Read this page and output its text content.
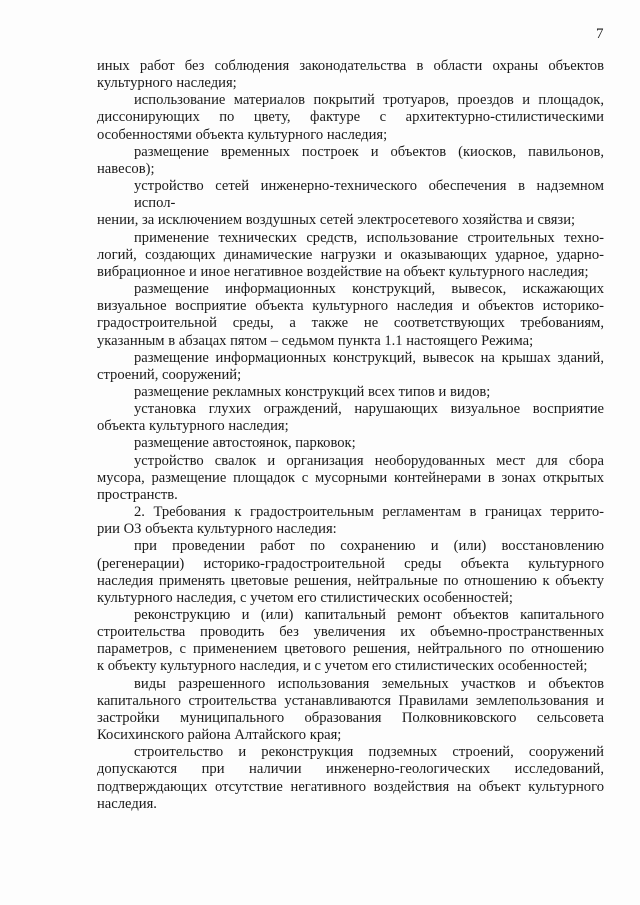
7

иных работ без соблюдения законодательства в области охраны объектов
культурного наследия;

использование материалов покрытий тротуаров, проездов и площадок,
диссонирующих по цвету, фактуре с архитектурно-стилистическими
особенностями объекта культурного наследия;

размещение временных построек и объектов (киосков, павильонов,
навесов);

устройство сетей инженерно-технического обеспечения в надземном испол-
нении, за исключением воздушных сетей электросетевого хозяйства и связи;

применение технических средств, использование строительных техно-
логий, создающих динамические нагрузки и оказывающих ударное, ударно-
вибрационное и иное негативное воздействие на объект культурного наследия;

размещение информационных конструкций, вывесок, искажающих
визуальное восприятие объекта культурного наследия и объектов историко-
градостроительной среды, а также не соответствующих требованиям,
указанным в абзацах пятом – седьмом пункта 1.1 настоящего Режима;

размещение информационных конструкций, вывесок на крышах зданий,
строений, сооружений;

размещение рекламных конструкций всех типов и видов;

установка глухих ограждений, нарушающих визуальное восприятие
объекта культурного наследия;

размещение автостоянок, парковок;

устройство свалок и организация необорудованных мест для сбора
мусора, размещение площадок с мусорными контейнерами в зонах открытых
пространств.

2. Требования к градостроительным регламентам в границах террито-
рии ОЗ объекта культурного наследия:

при проведении работ по сохранению и (или) восстановлению
(регенерации) историко-градостроительной среды объекта культурного
наследия применять цветовые решения, нейтральные по отношению к объекту
культурного наследия, с учетом его стилистических особенностей;

реконструкцию и (или) капитальный ремонт объектов капитального
строительства проводить без увеличения их объемно-пространственных
параметров, с применением цветового решения, нейтрального по отношению
к объекту культурного наследия, и с учетом его стилистических особенностей;

виды разрешенного использования земельных участков и объектов
капитального строительства устанавливаются Правилами землепользования и
застройки муниципального образования Полковниковского сельсовета
Косихинского района Алтайского края;

строительство и реконструкция подземных строений, сооружений
допускаются при наличии инженерно-геологических исследований,
подтверждающих отсутствие негативного воздействия на объект культурного
наследия.
